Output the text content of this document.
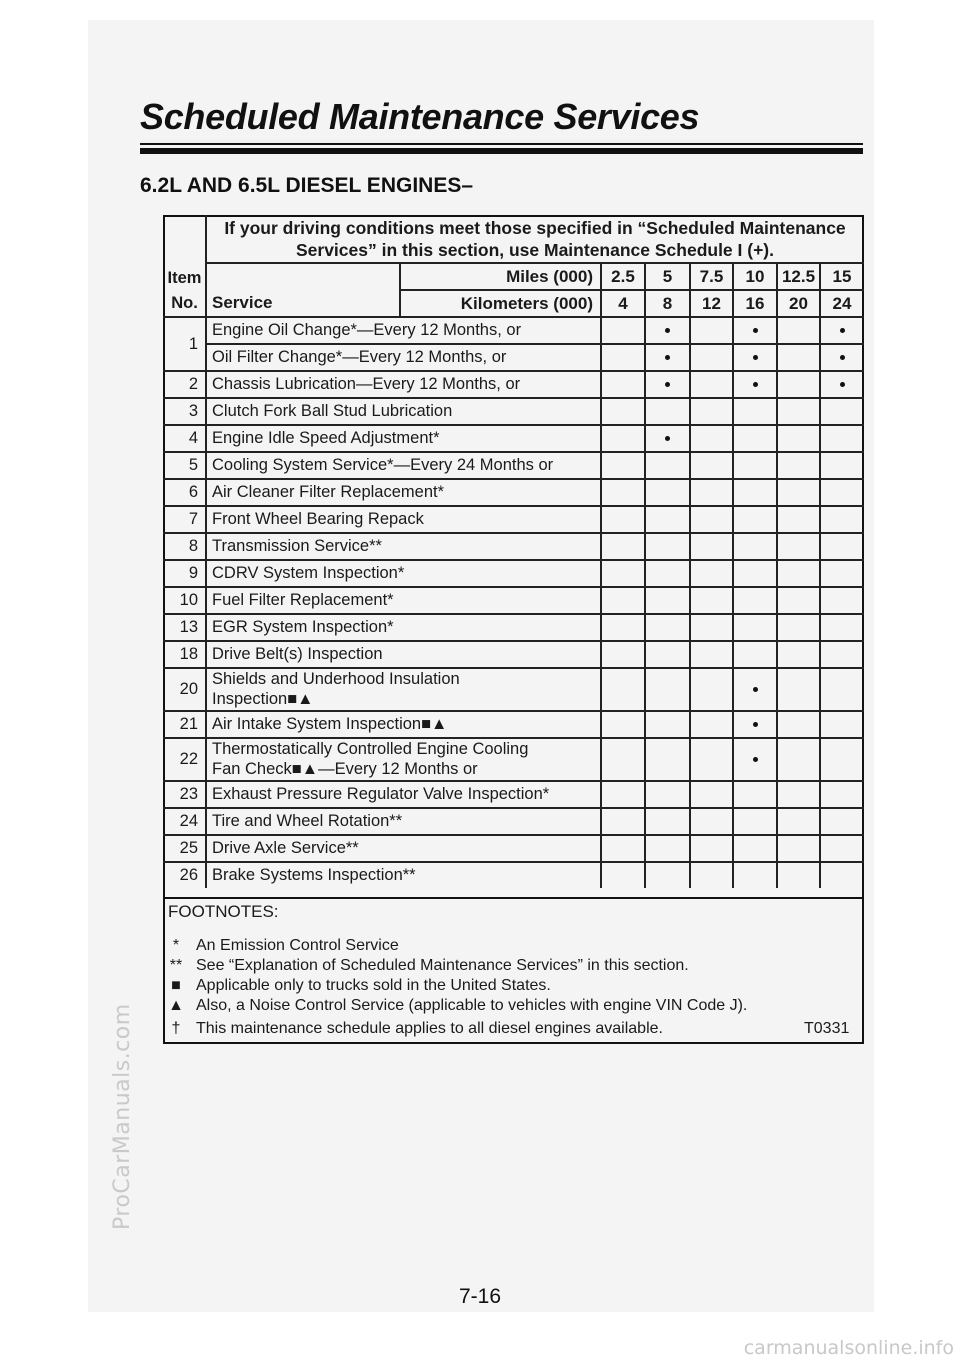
ProCarManuals.com
Scheduled Maintenance Services
6.2L AND 6.5L DIESEL ENGINES–
Item
No.
If your driving conditions meet those specified in “Scheduled Maintenance
Services” in this section, use Maintenance Schedule I (+).
Service
Miles (000)
Kilometers (000)
2.5
4
5
8
7.5
12
10
16
12.5
20
15
24
1
Engine Oil Change*—Every 12 Months, or
Oil Filter Change*—Every 12 Months, or
2 Chassis Lubrication—Every 12 Months, or
3 Clutch Fork Ball Stud Lubrication
4 Engine Idle Speed Adjustment*
5 Cooling System Service*—Every 24 Months or
6 Air Cleaner Filter Replacement*
7 Front Wheel Bearing Repack
8 Transmission Service**
9 CDRV System Inspection*
10 Fuel Filter Replacement*
13 EGR System Inspection*
18 Drive Belt(s) Inspection
20
Shields and Underhood Insulation
Inspection■▲
21 Air Intake System Inspection■▲
22
Thermostatically Controlled Engine Cooling
Fan Check■▲—Every 12 Months or
23 Exhaust Pressure Regulator Valve Inspection*
24 Tire and Wheel Rotation**
25 Drive Axle Service**
26 Brake Systems Inspection**
FOOTNOTES:
*	An Emission Control Service
** See “Explanation of Scheduled Maintenance Services” in this section.
■ Applicable only to trucks sold in the United States.
▲ Also, a Noise Control Service (applicable to vehicles with engine VIN Code J).
† This maintenance schedule applies to all diesel engines available.	T0331
7-16
carmanualsonline.info
